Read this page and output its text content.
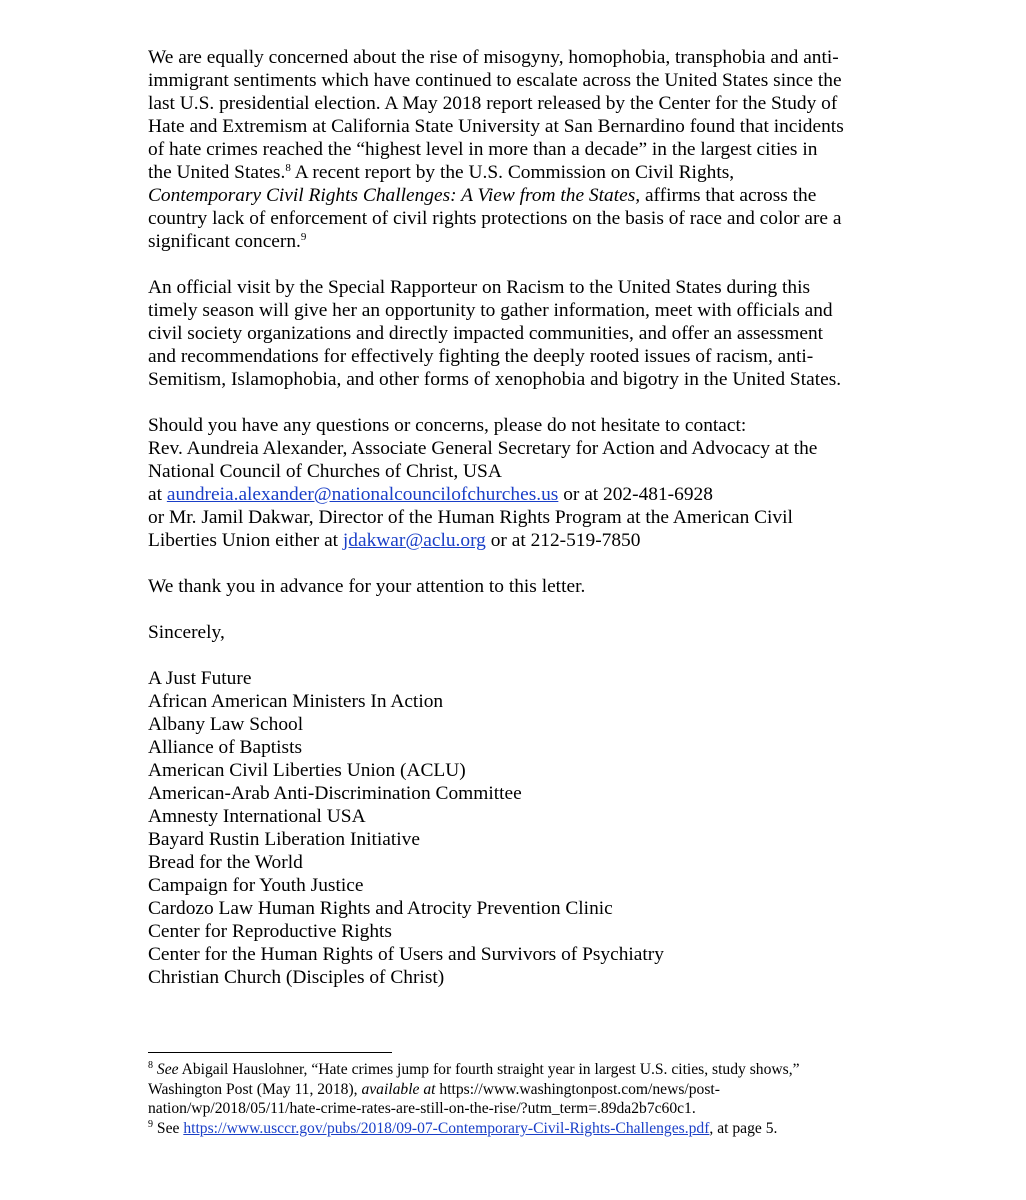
We are equally concerned about the rise of misogyny, homophobia, transphobia and anti-
immigrant sentiments which have continued to escalate across the United States since the
last U.S. presidential election. A May 2018 report released by the Center for the Study of
Hate and Extremism at California State University at San Bernardino found that incidents
of hate crimes reached the “highest level in more than a decade” in the largest cities in
the United States.$^8$ A recent report by the U.S. Commission on Civil Rights,
Contemporary Civil Rights Challenges: A View from the States, affirms that across the
country lack of enforcement of civil rights protections on the basis of race and color are a
significant concern.$^9$

An official visit by the Special Rapporteur on Racism to the United States during this
timely season will give her an opportunity to gather information, meet with officials and
civil society organizations and directly impacted communities, and offer an assessment
and recommendations for effectively fighting the deeply rooted issues of racism, anti-
Semitism, Islamophobia, and other forms of xenophobia and bigotry in the United States.

Should you have any questions or concerns, please do not hesitate to contact:
Rev. Aundreia Alexander, Associate General Secretary for Action and Advocacy at the
National Council of Churches of Christ, USA
at aundreia.alexander@nationalcouncilofchurches.us or at 202-481-6928
or Mr. Jamil Dakwar, Director of the Human Rights Program at the American Civil
Liberties Union either at jdakwar@aclu.org or at 212-519-7850

We thank you in advance for your attention to this letter.

Sincerely,

A Just Future
African American Ministers In Action
Albany Law School
Alliance of Baptists
American Civil Liberties Union (ACLU)
American-Arab Anti-Discrimination Committee
Amnesty International USA
Bayard Rustin Liberation Initiative
Bread for the World
Campaign for Youth Justice
Cardozo Law Human Rights and Atrocity Prevention Clinic
Center for Reproductive Rights
Center for the Human Rights of Users and Survivors of Psychiatry
Christian Church (Disciples of Christ)
$^8$ See Abigail Hauslohner, “Hate crimes jump for fourth straight year in largest U.S. cities, study shows,”
Washington Post (May 11, 2018), available at https://www.washingtonpost.com/news/post-
nation/wp/2018/05/11/hate-crime-rates-are-still-on-the-rise/?utm_term=.89da2b7c60c1.
$^9$ See https://www.usccr.gov/pubs/2018/09-07-Contemporary-Civil-Rights-Challenges.pdf, at page 5.
